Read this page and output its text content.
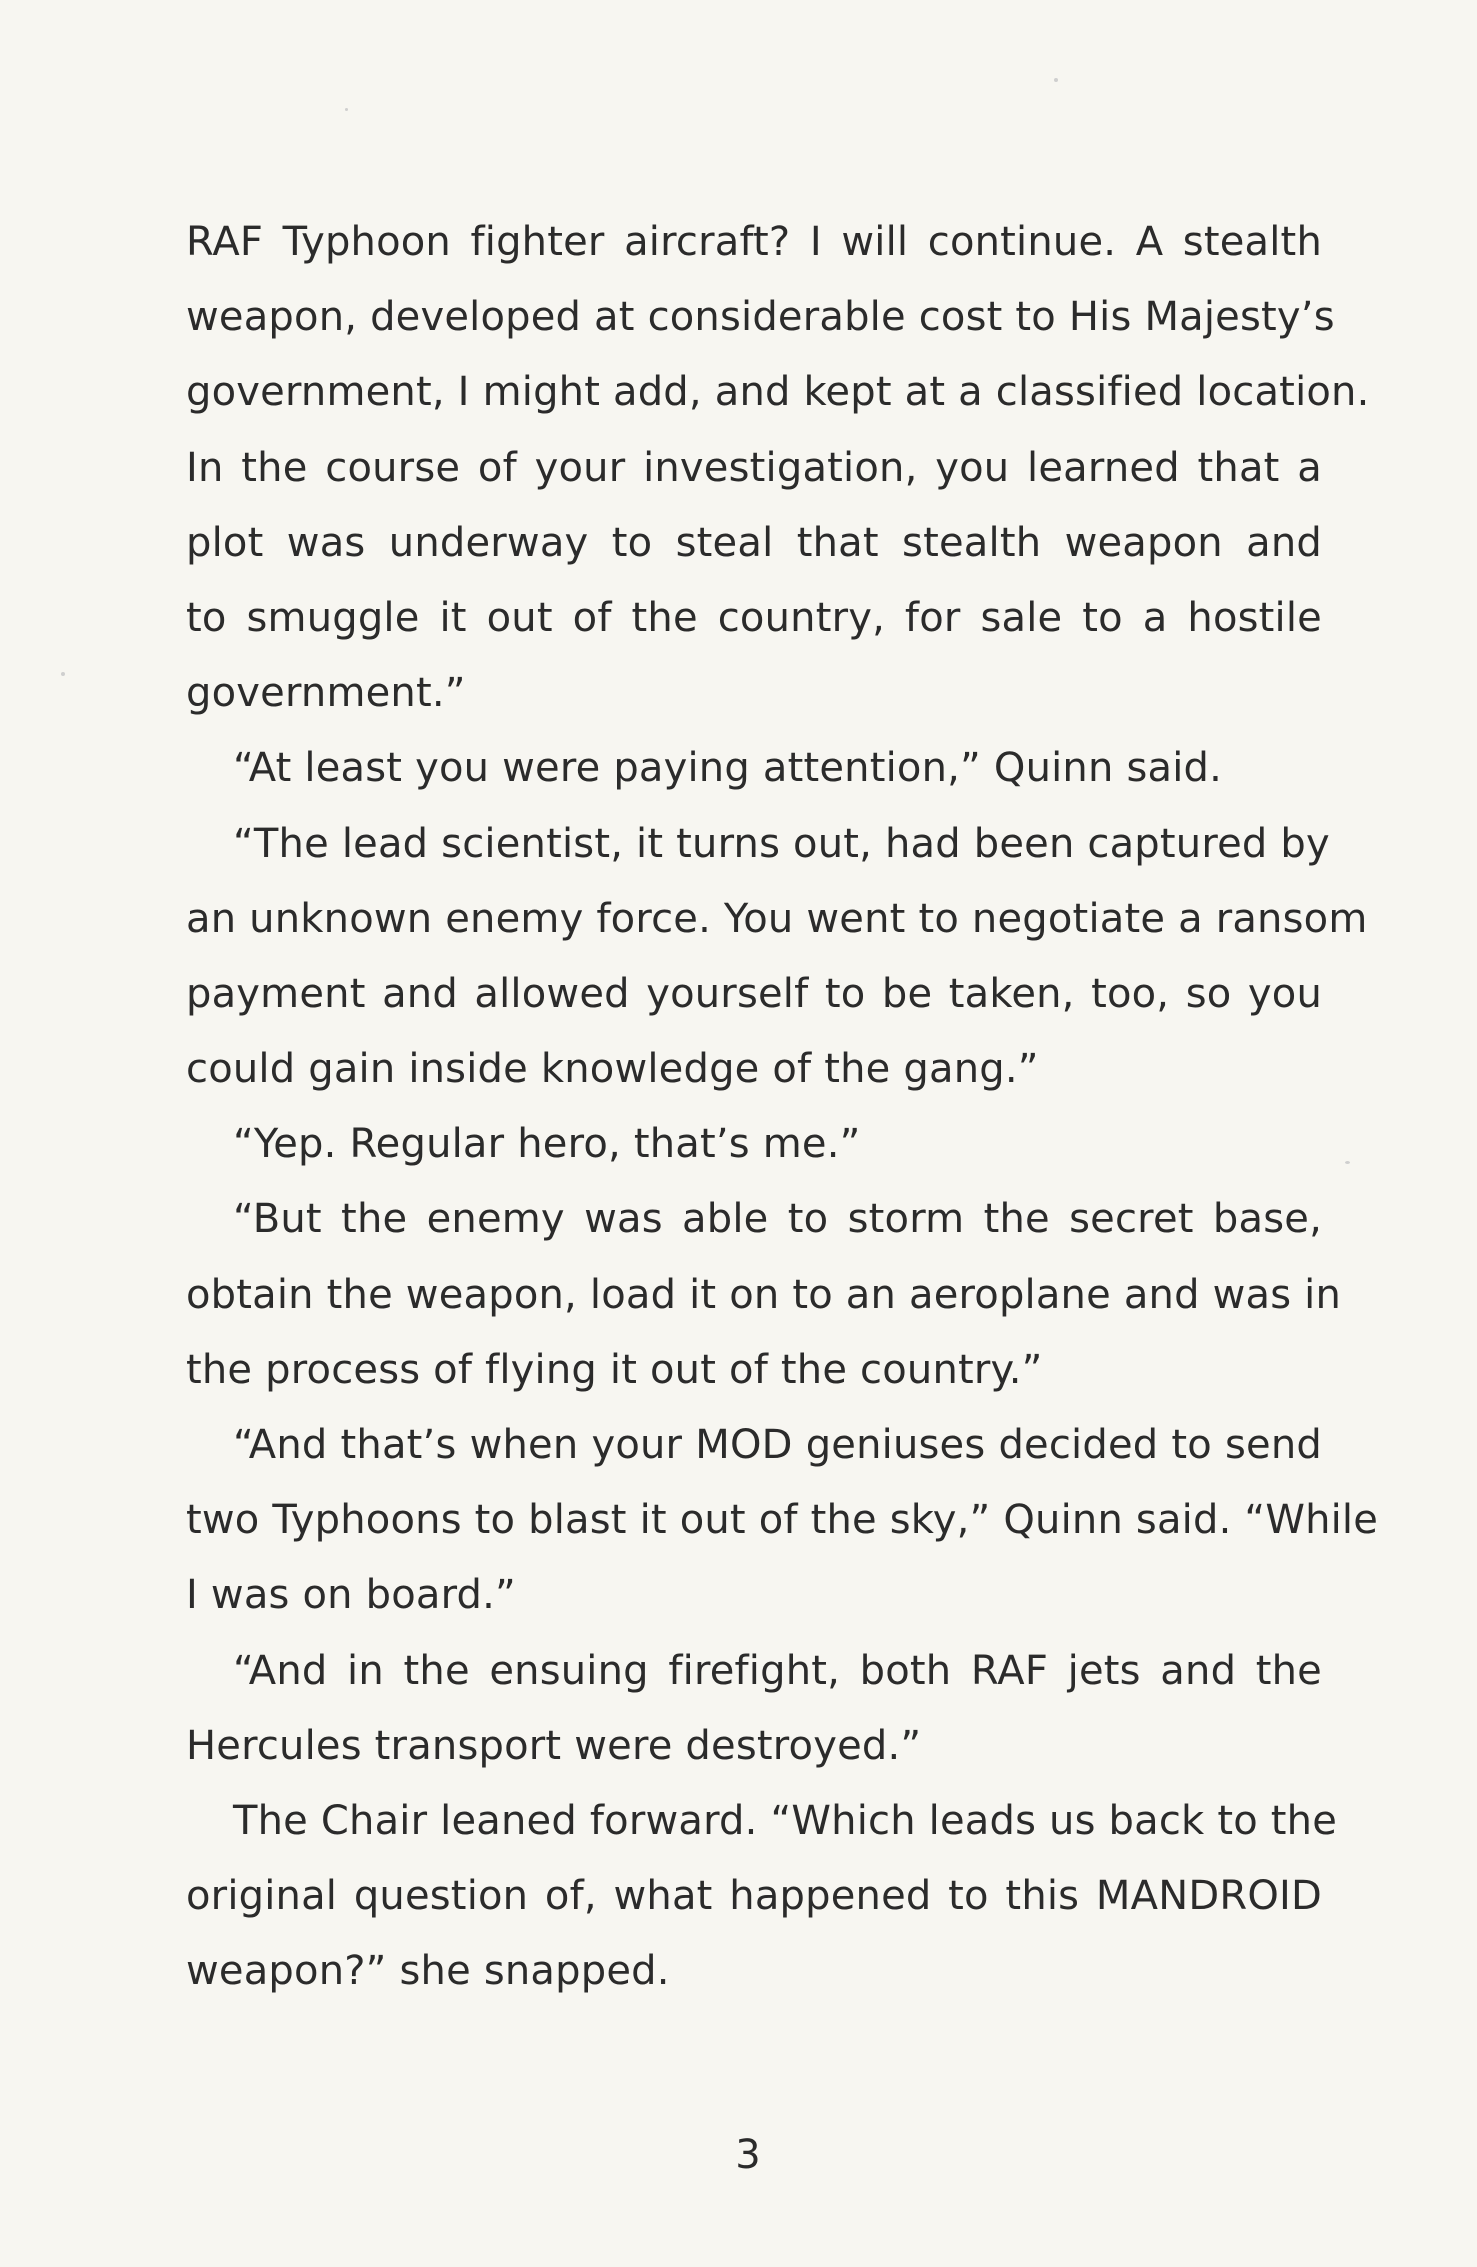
RAF Typhoon fighter aircraft? I will continue. A stealth
weapon, developed at considerable cost to His Majesty’s
government, I might add, and kept at a classified location.
In the course of your investigation, you learned that a
plot was underway to steal that stealth weapon and
to smuggle it out of the country, for sale to a hostile
government.”
“At least you were paying attention,” Quinn said.
“The lead scientist, it turns out, had been captured by
an unknown enemy force. You went to negotiate a ransom
payment and allowed yourself to be taken, too, so you
could gain inside knowledge of the gang.”
“Yep. Regular hero, that’s me.”
“But the enemy was able to storm the secret base,
obtain the weapon, load it on to an aeroplane and was in
the process of flying it out of the country.”
“And that’s when your MOD geniuses decided to send
two Typhoons to blast it out of the sky,” Quinn said. “While
I was on board.”
“And in the ensuing firefight, both RAF jets and the
Hercules transport were destroyed.”
The Chair leaned forward. “Which leads us back to the
original question of, what happened to this MANDROID
weapon?” she snapped.
3
